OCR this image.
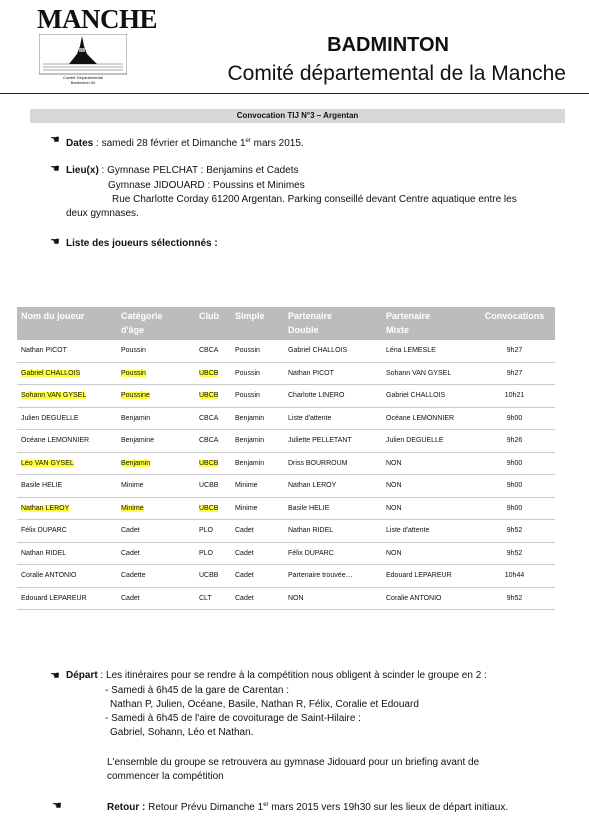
MANCHE
Comité Départemental
Badminton 50
BADMINTON
Comité départemental de la Manche
Convocation TIJ N°3 – Argentan
☚ Dates : samedi 28 février et Dimanche 1er mars 2015.
☚ Lieu(x) : Gymnase PELCHAT : Benjamins et Cadets
Gymnase JIDOUARD : Poussins et Minimes
Rue Charlotte Corday 61200 Argentan. Parking conseillé devant Centre aquatique entre les
deux gymnases.
☚ Liste des joueurs sélectionnés :
Nom du joueur	Catégorie
d'âge	Club	Simple	Partenaire
Double	Partenaire
Mixte	Convocations

Nathan PICOT	Poussin	CBCA	Poussin	Gabriel CHALLOIS	Léna LEMESLE	9h27
Gabriel CHALLOIS	Poussin	UBCB	Poussin	Nathan PICOT	Sohann VAN GYSEL	9h27
Sohann VAN GYSEL	Poussine	UBCB	Poussin	Charlotte LINERO	Gabriel CHALLOIS	10h21
Julien DEGUELLE	Benjamin	CBCA	Benjamin	Liste d'attente	Océane LEMONNIER	9h00
Océane LEMONNIER	Benjamine	CBCA	Benjamin	Juliette PELLETANT	Julien DEGUELLE	9h26
Léo VAN GYSEL	Benjamin	UBCB	Benjamin	Driss BOURROUM	NON	9h00
Basile HELIE	Minime	UCBB	Minime	Nathan LEROY	NON	9h00
Nathan LEROY	Minime	UBCB	Minime	Basile HELIE	NON	9h00
Félix DUPARC	Cadet	PLO	Cadet	Nathan RIDEL	Liste d'attente	9h52
Nathan RIDEL	Cadet	PLO	Cadet	Félix DUPARC	NON	9h52
Coralie ANTONIO	Cadette	UCBB	Cadet	Partenaire trouvée…	Edouard LEPAREUR	10h44
Edouard LEPAREUR	Cadet	CLT	Cadet	NON	Coralie ANTONIO	9h52
☚ Départ : Les itinéraires pour se rendre à la compétition nous obligent à scinder le groupe en 2 :
- Samedi à 6h45 de la gare de Carentan :
Nathan P, Julien, Océane, Basile, Nathan R, Félix, Coralie et Edouard
- Samedi à 6h45 de l'aire de covoiturage de Saint-Hilaire :
Gabriel, Sohann, Léo et Nathan.
L'ensemble du groupe se retrouvera au gymnase Jidouard pour un briefing avant de
commencer la compétition
☚	Retour : Retour Prévu Dimanche 1er mars 2015 vers 19h30 sur les lieux de départ initiaux.
